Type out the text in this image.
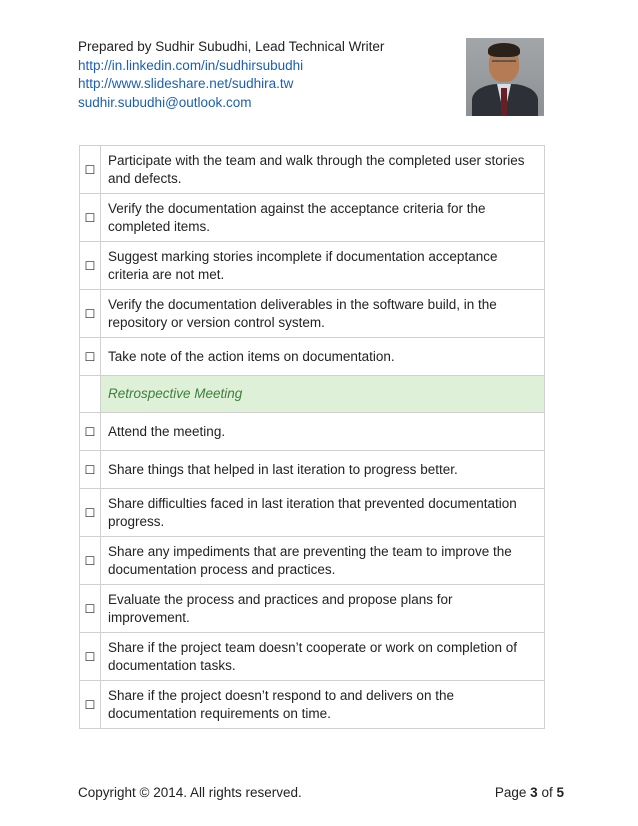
Prepared by Sudhir Subudhi, Lead Technical Writer
http://in.linkedin.com/in/sudhirsubudhi
http://www.slideshare.net/sudhira.tw
sudhir.subudhi@outlook.com
☐	Participate with the team and walk through the completed user stories and defects.
☐	Verify the documentation against the acceptance criteria for the completed items.
☐	Suggest marking stories incomplete if documentation acceptance criteria are not met.
☐	Verify the documentation deliverables in the software build, in the repository or version control system.
☐	Take note of the action items on documentation.
	Retrospective Meeting
☐	Attend the meeting.
☐	Share things that helped in last iteration to progress better.
☐	Share difficulties faced in last iteration that prevented documentation progress.
☐	Share any impediments that are preventing the team to improve the documentation process and practices.
☐	Evaluate the process and practices and propose plans for improvement.
☐	Share if the project team doesn’t cooperate or work on completion of documentation tasks.
☐	Share if the project doesn’t respond to and delivers on the documentation requirements on time.
Copyright © 2014. All rights reserved.	Page 3 of 5
